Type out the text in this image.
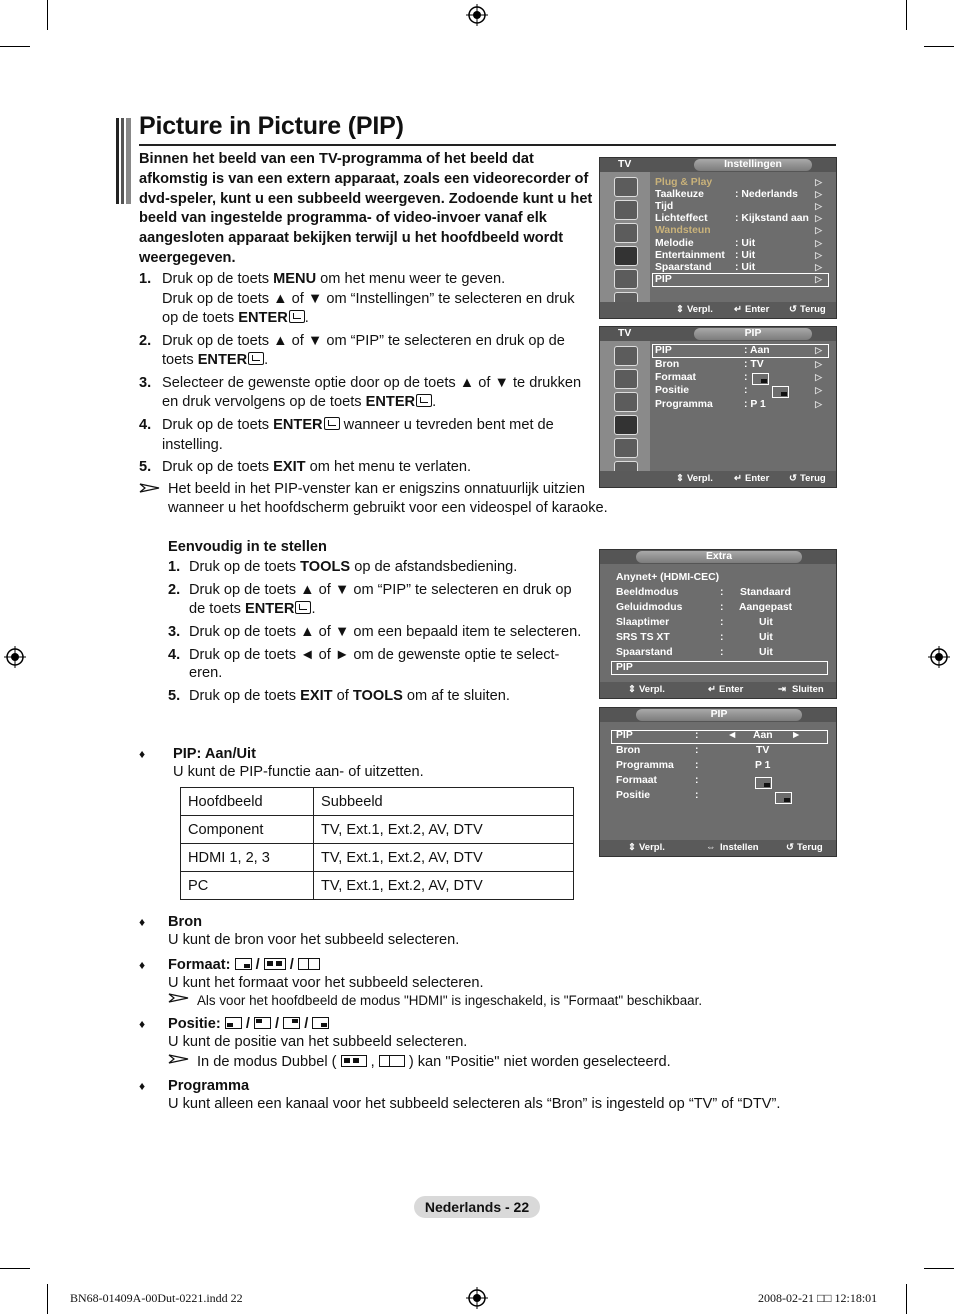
Picture in Picture (PIP)
Binnen het beeld van een TV-programma of het beeld dat afkomstig is van een extern apparaat, zoals een videorecorder of dvd-speler, kunt u een subbeeld weergeven. Zodoende kunt u het beeld van ingestelde programma- of video-invoer vanaf elk aangesloten apparaat bekijken terwijl u het hoofdbeeld wordt weergegeven.
1. Druk op de toets MENU om het menu weer te geven.
Druk op de toets ▲ of ▼ om “Instellingen” te selecteren en druk
op de toets ENTER .
2. Druk op de toets ▲ of ▼ om “PIP” te selecteren en druk op de
toets ENTER .
3. Selecteer de gewenste optie door op de toets ▲ of ▼ te drukken
en druk vervolgens op de toets ENTER .
4. Druk op de toets ENTER wanneer u tevreden bent met de
instelling.
5. Druk op de toets EXIT om het menu te verlaten.
Het beeld in het PIP-venster kan er enigszins onnatuurlijk uitzien
wanneer u het hoofdscherm gebruikt voor een videospel of karaoke.
Eenvoudig in te stellen
1. Druk op de toets TOOLS op de afstandsbediening.
2. Druk op de toets ▲ of ▼ om “PIP” te selecteren en druk op
de toets ENTER .
3. Druk op de toets ▲ of ▼ om een bepaald item te selecteren.
4. Druk op de toets ◄ of ► om de gewenste optie te select-
eren.
5. Druk op de toets EXIT of TOOLS om af te sluiten.
♦ PIP: Aan/Uit
U kunt de PIP-functie aan- of uitzetten.
Hoofdbeeld	Subbeeld
Component	TV, Ext.1, Ext.2, AV, DTV
HDMI 1, 2, 3	TV, Ext.1, Ext.2, AV, DTV
PC	TV, Ext.1, Ext.2, AV, DTV
♦ Bron
U kunt de bron voor het subbeeld selecteren.
♦ Formaat: / /
U kunt het formaat voor het subbeeld selecteren.
Als voor het hoofdbeeld de modus "HDMI" is ingeschakeld, is "Formaat" beschikbaar.
♦ Positie: / / /
U kunt de positie van het subbeeld selecteren.
In de modus Dubbel (  ,  ) kan "Positie" niet worden geselecteerd.
♦ Programma
U kunt alleen een kanaal voor het subbeeld selecteren als “Bron” is ingesteld op “TV” of “DTV”.
TV	Instellingen
Plug & Play
Taalkeuze	: Nederlands
Tijd
Lichteffect	: Kijkstand aan
Wandsteun
Melodie	: Uit
Entertainment : Uit
Spaarstand : Uit
PIP
▷
▷
▷
▷
▷
▷
▷
▷
▷
⇕ Verpl. ↵ Enter ↺ Terug
TV	PIP
PIP	: Aan
Bron	: TV
Formaat	:

Positie	:
Programma	: P 1
▷
▷
▷
▷
▷
⇕ Verpl. ↵ Enter ↺ Terug
Extra
Anynet+ (HDMI-CEC)
Beeldmodus	: Standaard
Geluidmodus	: Aangepast
Slaaptimer	:	Uit
SRS TS XT	:	Uit
Spaarstand	:	Uit
PIP
⇕ Verpl.	↵ Enter	⇥ Sluiten
PIP
PIP	:	◄ Aan ►
Bron	:	TV
Programma :	P 1
Formaat	:

Positie	:
⇕ Verpl.	⇔ Instellen	↺ Terug
Nederlands - 22
BN68-01409A-00Dut-0221.indd 22	2008-02-21 □□ 12:18:01
